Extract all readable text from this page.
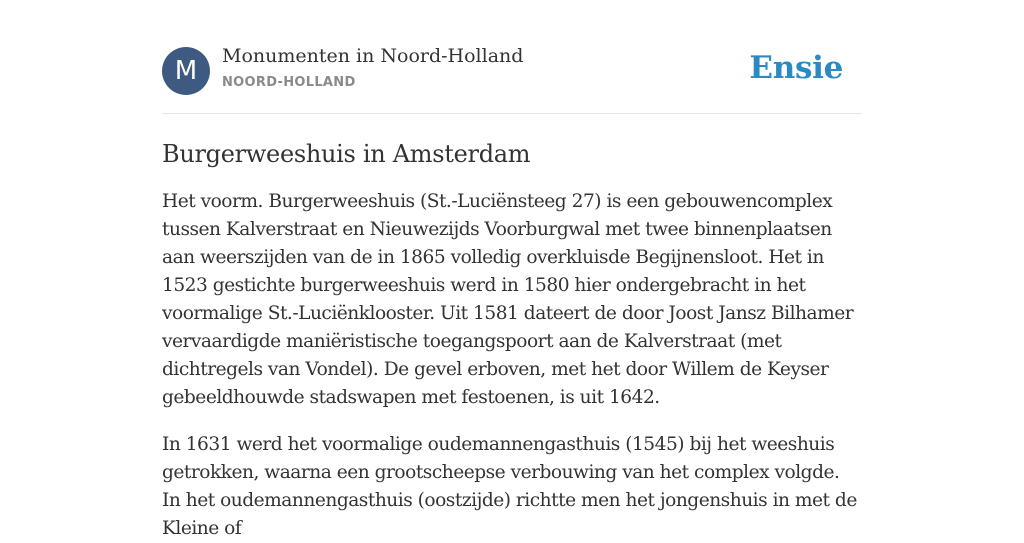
M	Monumenten in Noord-Holland
NOORD-HOLLAND	Ensie
Burgerweeshuis in Amsterdam

Het voorm. Burgerweeshuis (St.-Luciënsteeg 27) is een gebouwencomplex tussen Kalverstraat en Nieuwezijds Voorburgwal met twee binnenplaatsen aan weerszijden van de in 1865 volledig overkluisde Begijnensloot. Het in 1523 gestichte burgerweeshuis werd in 1580 hier ondergebracht in het voormalige St.-Luciënklooster. Uit 1581 dateert de door Joost Jansz Bilhamer vervaardigde maniëristische toegangspoort aan de Kalverstraat (met dichtregels van Vondel). De gevel erboven, met het door Willem de Keyser gebeeldhouwde stadswapen met festoenen, is uit 1642.

In 1631 werd het voormalige oudemannengasthuis (1545) bij het weeshuis getrokken, waarna een grootscheepse verbouwing van het complex volgde. In het oudemannengasthuis (oostzijde) richtte men het jongenshuis in met de Kleine of
